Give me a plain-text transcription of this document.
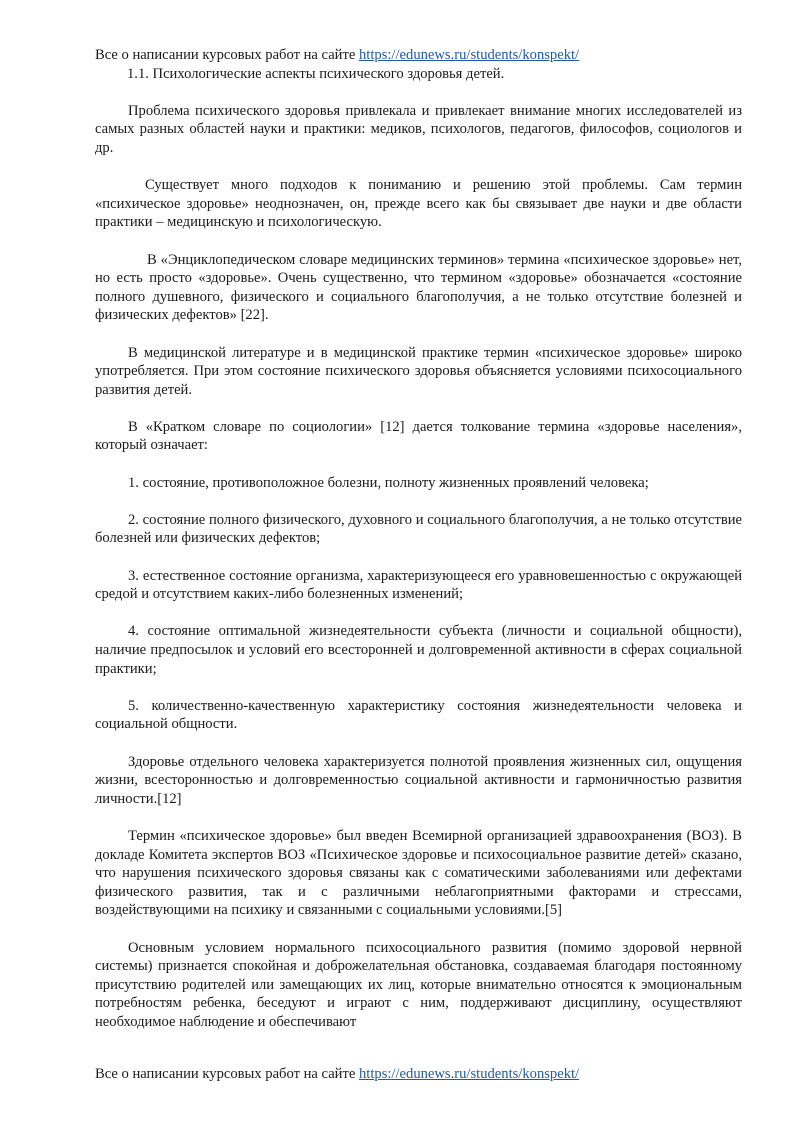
Все о написании курсовых работ на сайте https://edunews.ru/students/konspekt/

1.1. Психологические аспекты психического здоровья детей.

Проблема психического здоровья привлекала и привлекает внимание многих исследователей из самых разных областей науки и практики: медиков, психологов, педагогов, философов, социологов и др.

Существует много подходов к пониманию и решению этой проблемы. Сам термин «психическое здоровье» неоднозначен, он, прежде всего как бы связывает две науки и две области практики – медицинскую и психологическую.

В «Энциклопедическом словаре медицинских терминов» термина «психическое здоровье» нет, но есть просто «здоровье». Очень существенно, что термином «здоровье» обозначается «состояние полного душевного, физического и социального благополучия, а не только отсутствие болезней и физических дефектов» [22].

В медицинской литературе и в медицинской практике термин «психическое здоровье» широко употребляется. При этом состояние психического здоровья объясняется условиями психосоциального развития детей.

В «Кратком словаре по социологии» [12] дается толкование термина «здоровье населения», который означает:

1. состояние, противоположное болезни, полноту жизненных проявлений человека;

2. состояние полного физического, духовного и социального благополучия, а не только отсутствие болезней или физических дефектов;

3. естественное состояние организма, характеризующееся его уравновешенностью с окружающей средой и отсутствием каких-либо болезненных изменений;

4. состояние оптимальной жизнедеятельности субъекта (личности и социальной общности), наличие предпосылок и условий его всесторонней и долговременной активности в сферах социальной практики;

5. количественно-качественную характеристику состояния жизнедеятельности человека и социальной общности.

Здоровье отдельного человека характеризуется полнотой проявления жизненных сил, ощущения жизни, всесторонностью и долговременностью социальной активности и гармоничностью развития личности.[12]

Термин «психическое здоровье» был введен Всемирной организацией здравоохранения (ВОЗ). В докладе Комитета экспертов ВОЗ «Психическое здоровье и психосоциальное развитие детей» сказано, что нарушения психического здоровья связаны как с соматическими заболеваниями или дефектами физического развития, так и с различными неблагоприятными факторами и стрессами, воздействующими на психику и связанными с социальными условиями.[5]

Основным условием нормального психосоциального развития (помимо здоровой нервной системы) признается спокойная и доброжелательная обстановка, создаваемая благодаря постоянному присутствию родителей или замещающих их лиц, которые внимательно относятся к эмоциональным потребностям ребенка, беседуют и играют с ним, поддерживают дисциплину, осуществляют необходимое наблюдение и обеспечивают

Все о написании курсовых работ на сайте https://edunews.ru/students/konspekt/
